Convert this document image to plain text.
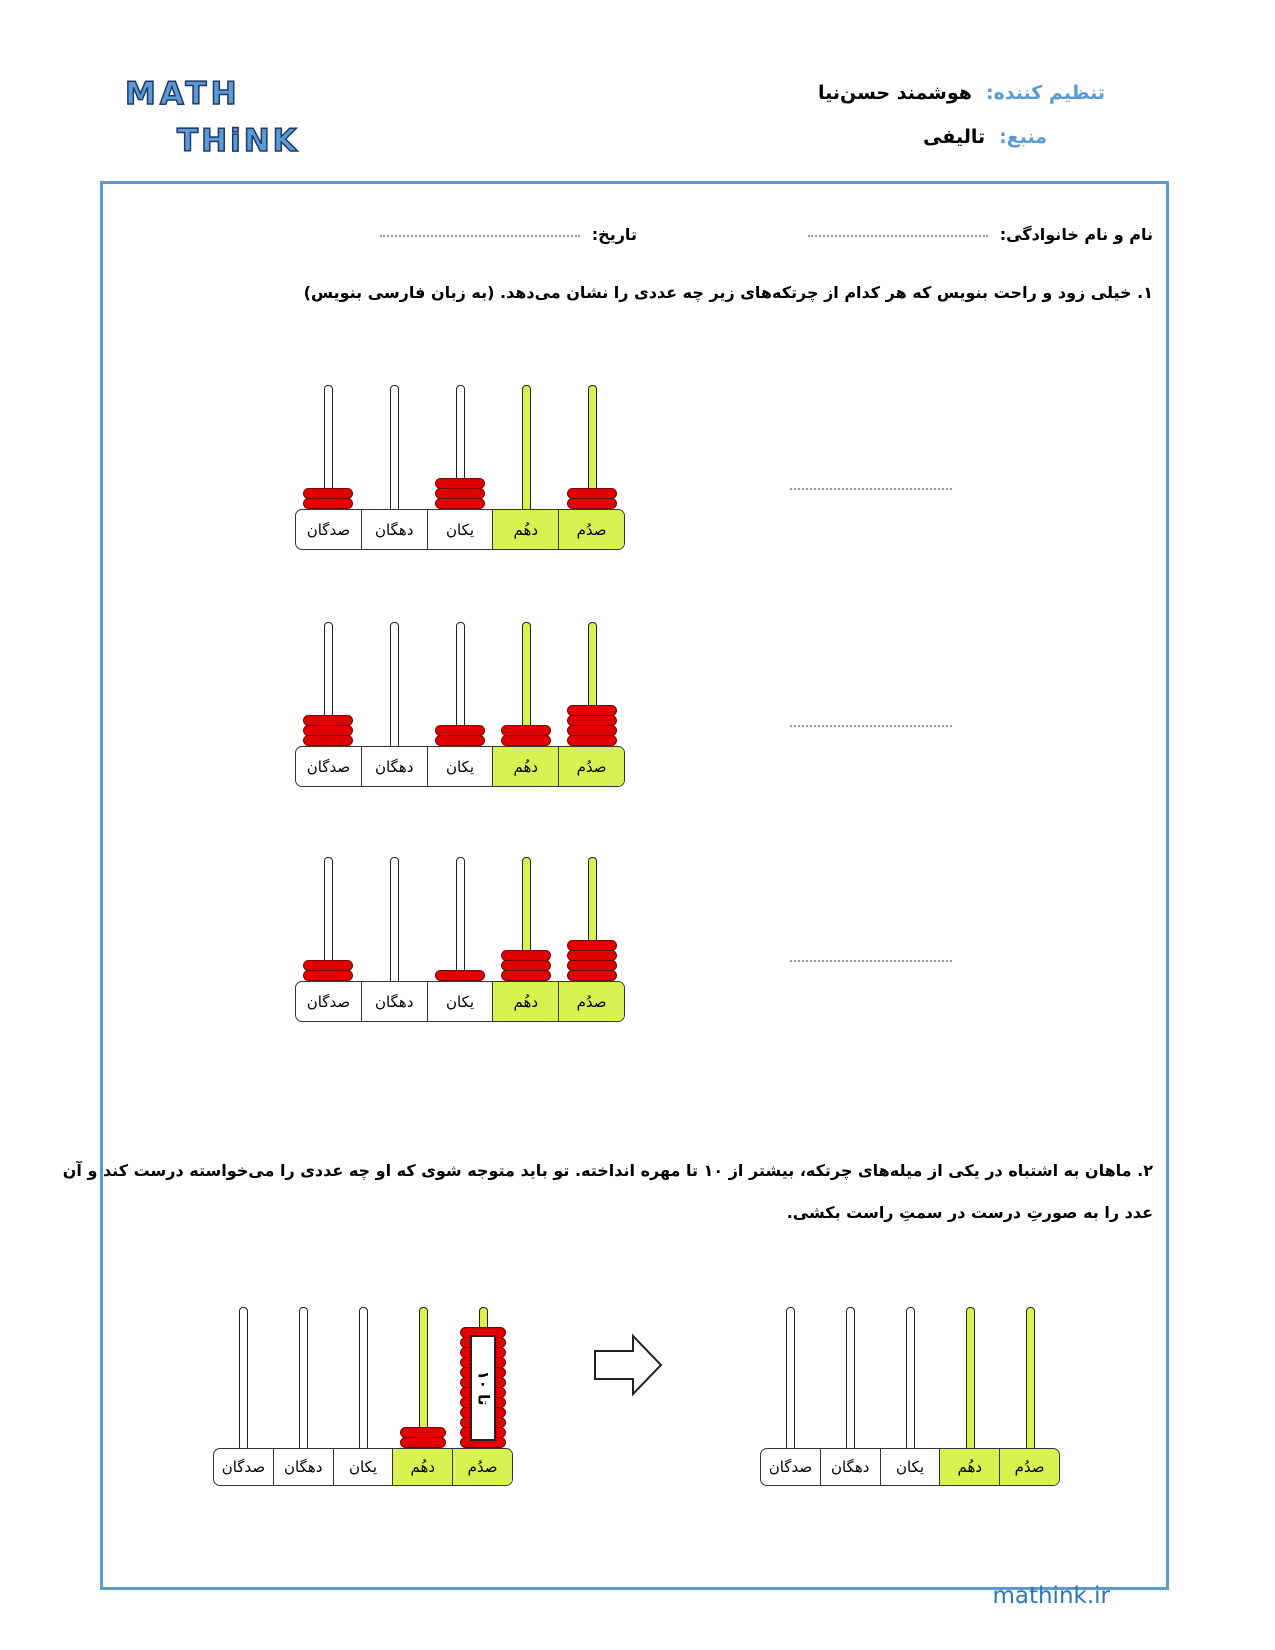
MATH
THiNK
تنظیم کننده:هوشمند حسن‌نیا
منبع:تالیفی
نام و نام خانوادگی:   تاریخ:
۱. خیلی زود و راحت بنویس که هر کدام از چرتکه‌های زیر چه عددی را نشان می‌دهد. (به زبان فارسی بنویس)
صدگان	دهگان	یکان	دهُم	صدُم
صدگان	دهگان	یکان	دهُم	صدُم
صدگان	دهگان	یکان	دهُم	صدُم
۲. ماهان به اشتباه در یکی از میله‌های چرتکه، بیشتر از ۱۰ تا مهره انداخته. تو باید متوجه شوی که او چه عددی را می‌خواسته درست کند و آن
عدد را به صورتِ درست در سمتِ راست بکشی.
۱۰ تا
صدگان	دهگان	یکان	دهُم	صدُم	صدگان	دهگان	یکان	دهُم	صدُم
mathink.ir
